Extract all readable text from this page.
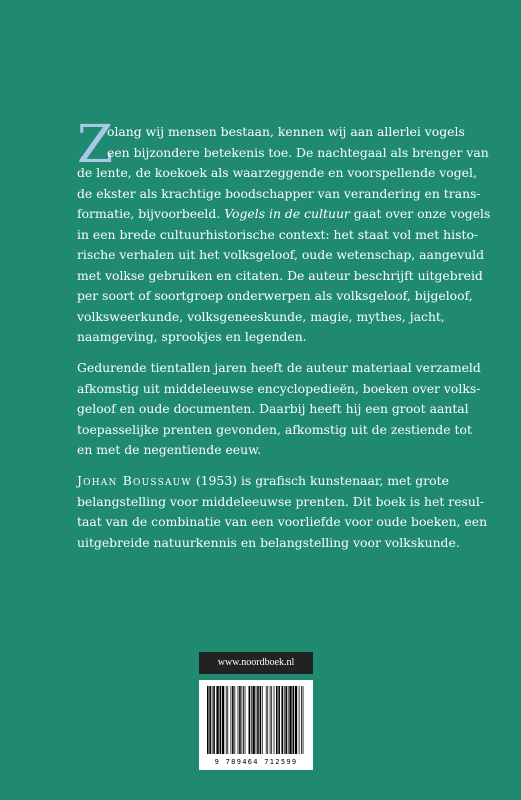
Z

olang wij mensen bestaan, kennen wij aan allerlei vogels
een bijzondere betekenis toe. De nachtegaal als brenger van
de lente, de koekoek als waarzeggende en voorspellende vogel,
de ekster als krachtige boodschapper van verandering en trans-
formatie, bijvoorbeeld. Vogels in de cultuur gaat over onze vogels
in een brede cultuurhistorische context: het staat vol met histo-
rische verhalen uit het volksgeloof, oude wetenschap, aangevuld
met volkse gebruiken en citaten. De auteur beschrijft uitgebreid
per soort of soortgroep onderwerpen als volksgeloof, bijgeloof,
volksweerkunde, volksgeneeskunde, magie, mythes, jacht,
naamgeving, sprookjes en legenden.

Gedurende tientallen jaren heeft de auteur materiaal verzameld
afkomstig uit middeleeuwse encyclopedieën, boeken over volks-
geloof en oude documenten. Daarbij heeft hij een groot aantal
toepasselijke prenten gevonden, afkomstig uit de zestiende tot
en met de negentiende eeuw.

Johan Boussauw (1953) is grafisch kunstenaar, met grote
belangstelling voor middeleeuwse prenten. Dit boek is het resul-
taat van de combinatie van een voorliefde voor oude boeken, een
uitgebreide natuurkennis en belangstelling voor volkskunde.

www.noordboek.nl
9 789464 712599
